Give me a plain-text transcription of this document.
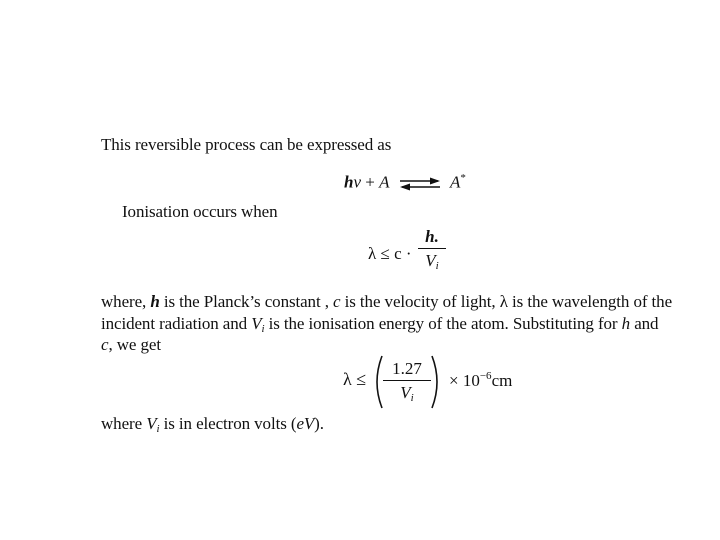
This reversible process can be expressed as
hν + A ⇌ A*
Ionisation occurs when
λ ≤ c ·
h.
$V_i$
where, h is the Planck’s constant , c is the velocity of light, λ is the wavelength of the
incident radiation and $V_i$ is the ionisation energy of the atom. Substituting for h and
c, we get
λ ≤
1.27
$V_i$
× $10^{-6}cm$
where $V_i$ is in electron volts (eV).
